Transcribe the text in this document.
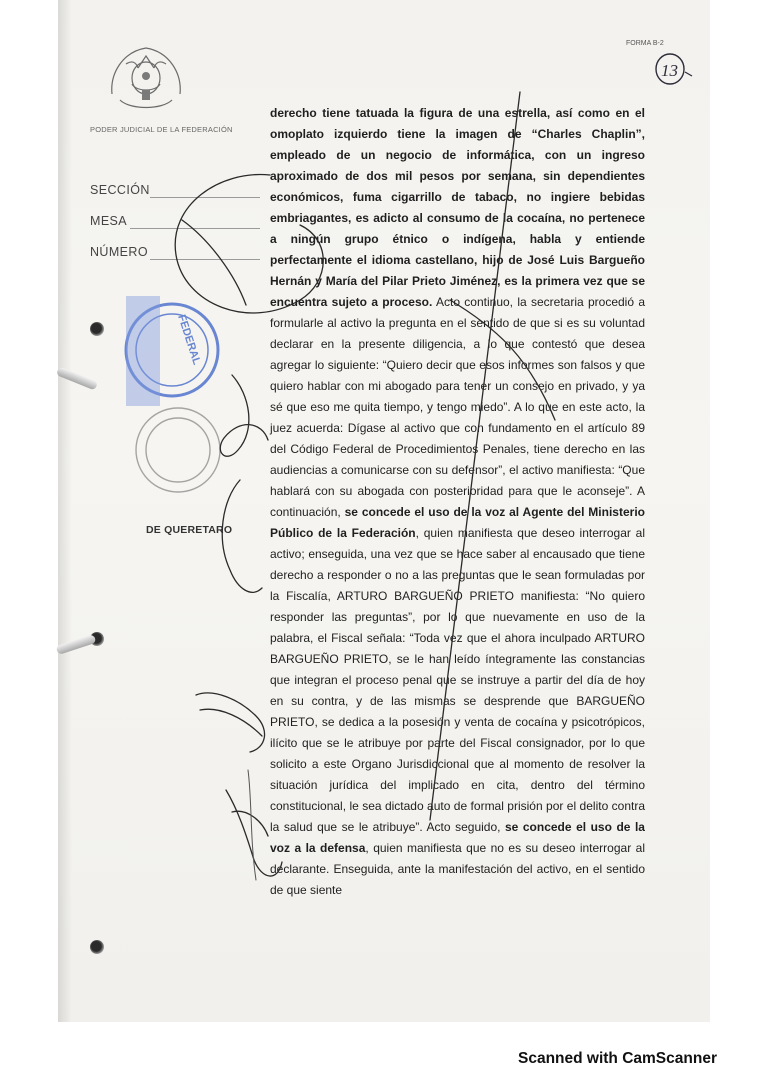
PODER JUDICIAL DE LA FEDERACIÓN
FORMA B-2
13
SECCIÓN
MESA
NÚMERO
DE QUERETARO

derecho tiene tatuada la figura de una estrella, así como en el omoplato izquierdo tiene la imagen de “Charles Chaplin”, empleado de un negocio de informática, con un ingreso aproximado de dos mil pesos por semana, sin dependientes económicos, fuma cigarrillo de tabaco, no ingiere bebidas embriagantes, es adicto al consumo de la cocaína, no pertenece a ningún grupo étnico o indígena, habla y entiende perfectamente el idioma castellano, hijo de José Luis Bargueño Hernán y María del Pilar Prieto Jiménez, es la primera vez que se encuentra sujeto a proceso. Acto continuo, la secretaria procedió a formularle al activo la pregunta en el sentido de que si es su voluntad declarar en la presente diligencia, a lo que contestó que desea agregar lo siguiente: “Quiero decir que esos informes son falsos y que quiero hablar con mi abogado para tener un consejo en privado, y ya sé que eso me quita tiempo, y tengo miedo”. A lo que en este acto, la juez acuerda: Dígase al activo que con fundamento en el artículo 89 del Código Federal de Procedimientos Penales, tiene derecho en las audiencias a comunicarse con su defensor”, el activo manifiesta: “Que hablará con su abogada con posterioridad para que le aconseje”. A continuación, se concede el uso de la voz al Agente del Ministerio Público de la Federación, quien manifiesta que deseo interrogar al activo; enseguida, una vez que se hace saber al encausado que tiene derecho a responder o no a las preguntas que le sean formuladas por la Fiscalía, ARTURO BARGUEÑO PRIETO manifiesta: “No quiero responder las preguntas”, por lo que nuevamente en uso de la palabra, el Fiscal señala: “Toda vez que el ahora inculpado ARTURO BARGUEÑO PRIETO, se le han leído íntegramente las constancias que integran el proceso penal que se instruye a partir del día de hoy en su contra, y de las mismas se desprende que BARGUEÑO PRIETO, se dedica a la posesión y venta de cocaína y psicotrópicos, ilícito que se le atribuye por parte del Fiscal consignador, por lo que solicito a este Organo Jurisdiccional que al momento de resolver la situación jurídica del implicado en cita, dentro del término constitucional, le sea dictado auto de formal prisión por el delito contra la salud que se le atribuye”. Acto seguido, se concede el uso de la voz a la defensa, quien manifiesta que no es su deseo interrogar al declarante. Enseguida, ante la manifestación del activo, en el sentido de que siente

FEDERAL
Scanned with CamScanner
